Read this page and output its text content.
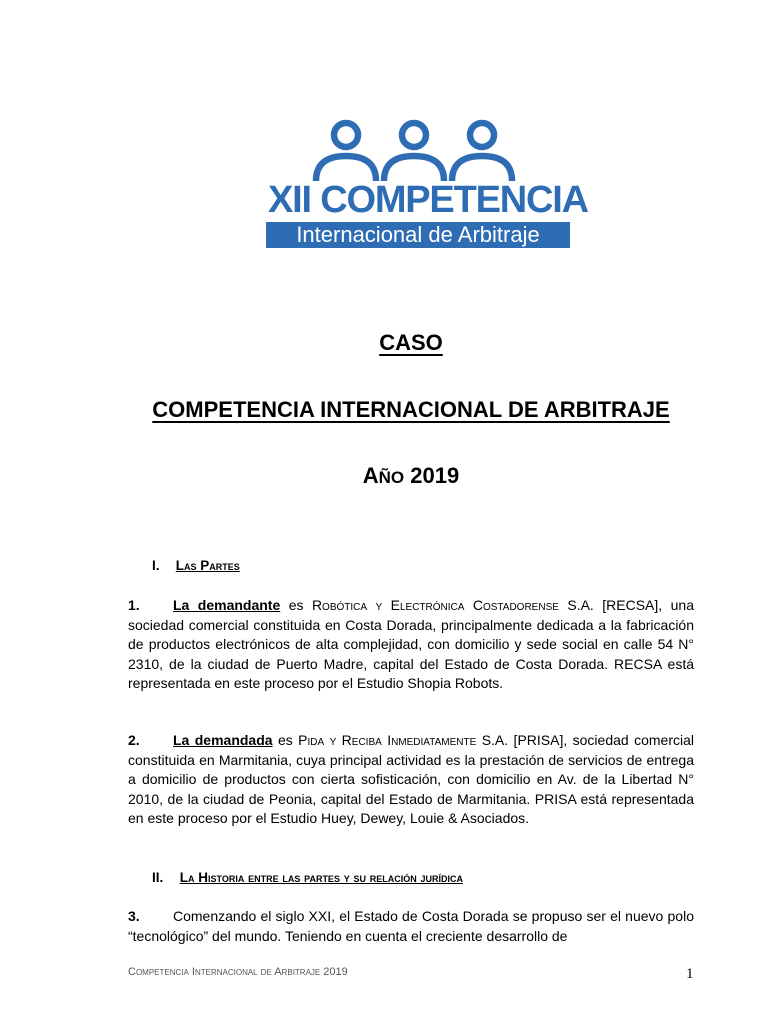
XII COMPETENCIA
Internacional de Arbitraje
CASO
COMPETENCIA INTERNACIONAL DE ARBITRAJE
AÑO 2019
I. Las Partes
1. La demandante es Robótica y Electrónica Costadorense S.A. [RECSA], una sociedad comercial constituida en Costa Dorada, principalmente dedicada a la fabricación de productos electrónicos de alta complejidad, con domicilio y sede social en calle 54 N° 2310, de la ciudad de Puerto Madre, capital del Estado de Costa Dorada. RECSA está representada en este proceso por el Estudio Shopia Robots.
2. La demandada es Pida y Reciba Inmediatamente S.A. [PRISA], sociedad comercial constituida en Marmitania, cuya principal actividad es la prestación de servicios de entrega a domicilio de productos con cierta sofisticación, con domicilio en Av. de la Libertad N° 2010, de la ciudad de Peonia, capital del Estado de Marmitania. PRISA está representada en este proceso por el Estudio Huey, Dewey, Louie & Asociados.
II. La Historia entre las partes y su relación jurídica
3. Comenzando el siglo XXI, el Estado de Costa Dorada se propuso ser el nuevo polo “tecnológico” del mundo. Teniendo en cuenta el creciente desarrollo de
Competencia Internacional de Arbitraje 2019	1
